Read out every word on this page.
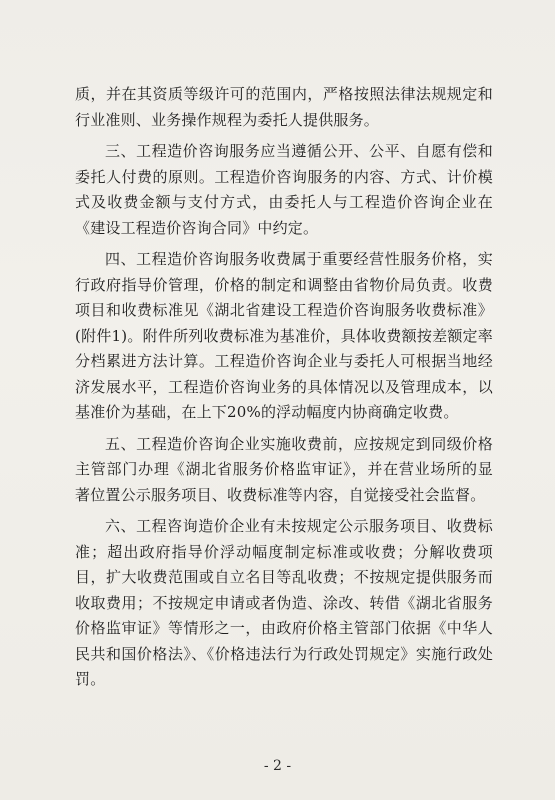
质，并在其资质等级许可的范围内，严格按照法律法规规定和行业准则、业务操作规程为委托人提供服务。

三、工程造价咨询服务应当遵循公开、公平、自愿有偿和委托人付费的原则。工程造价咨询服务的内容、方式、计价模式及收费金额与支付方式，由委托人与工程造价咨询企业在《建设工程造价咨询合同》中约定。

四、工程造价咨询服务收费属于重要经营性服务价格，实行政府指导价管理，价格的制定和调整由省物价局负责。收费项目和收费标准见《湖北省建设工程造价咨询服务收费标准》(附件1)。附件所列收费标准为基准价，具体收费额按差额定率分档累进方法计算。工程造价咨询企业与委托人可根据当地经济发展水平，工程造价咨询业务的具体情况以及管理成本，以基准价为基础，在上下20%的浮动幅度内协商确定收费。

五、工程造价咨询企业实施收费前，应按规定到同级价格主管部门办理《湖北省服务价格监审证》，并在营业场所的显著位置公示服务项目、收费标准等内容，自觉接受社会监督。

六、工程咨询造价企业有未按规定公示服务项目、收费标准；超出政府指导价浮动幅度制定标准或收费；分解收费项目，扩大收费范围或自立名目等乱收费；不按规定提供服务而收取费用；不按规定申请或者伪造、涂改、转借《湖北省服务价格监审证》等情形之一，由政府价格主管部门依据《中华人民共和国价格法》、《价格违法行为行政处罚规定》实施行政处罚。

- 2 -
